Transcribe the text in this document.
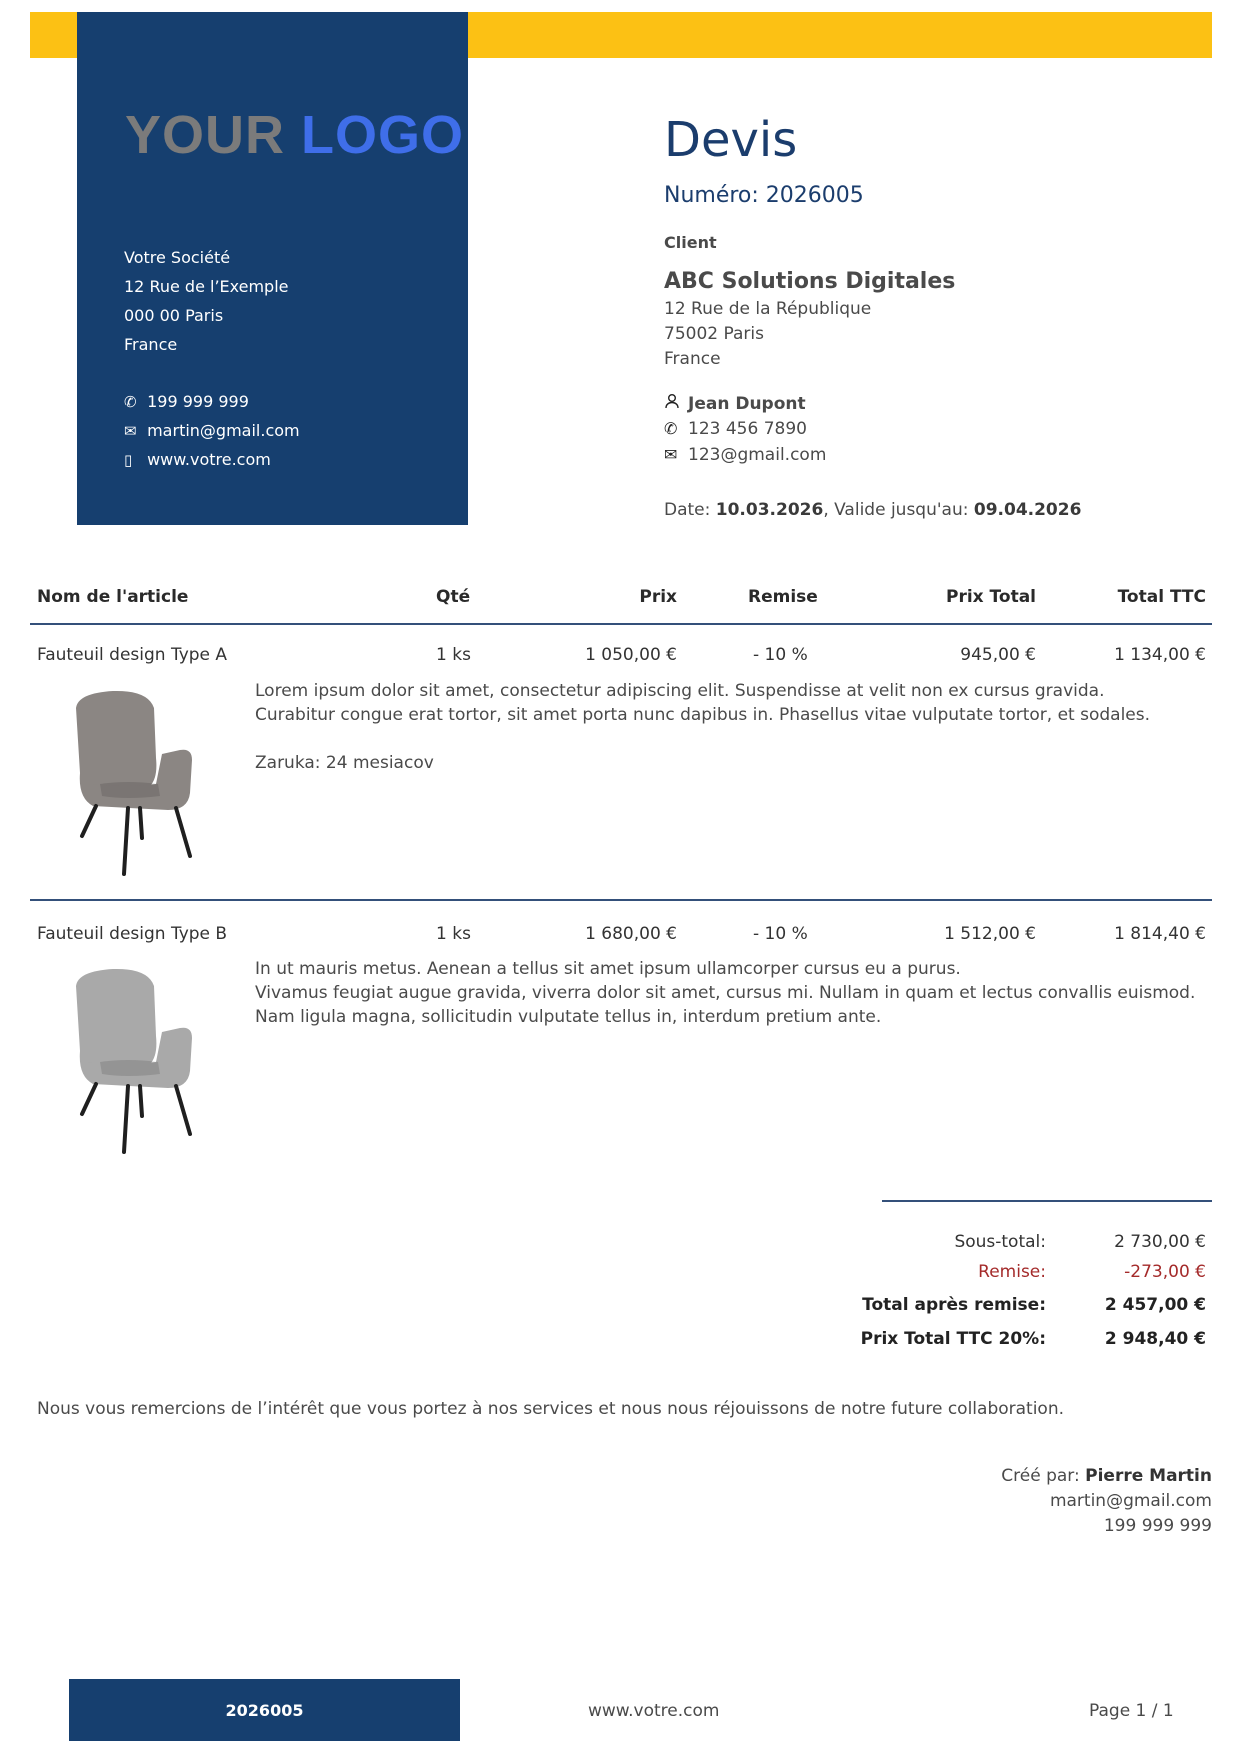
YOUR LOGO
Votre Société
12 Rue de l’Exemple
000 00 Paris
France
✆ 199 999 999
✉ martin@gmail.com
▯ www.votre.com
Devis
Numéro: 2026005
Client
ABC Solutions Digitales
12 Rue de la République
75002 Paris
France
Jean Dupont
✆ 123 456 7890
✉ 123@gmail.com
Date: 10.03.2026, Valide jusqu'au: 09.04.2026
Nom de l'article	Qté	Prix	Remise	Prix Total	Total TTC
Fauteuil design Type A	1 ks	1 050,00 €	- 10 %	945,00 €	1 134,00 €
Lorem ipsum dolor sit amet, consectetur adipiscing elit. Suspendisse at velit non ex cursus gravida.
Curabitur congue erat tortor, sit amet porta nunc dapibus in. Phasellus vitae vulputate tortor, et sodales.

Zaruka: 24 mesiacov
Fauteuil design Type B	1 ks	1 680,00 €	- 10 %	1 512,00 €	1 814,40 €
In ut mauris metus. Aenean a tellus sit amet ipsum ullamcorper cursus eu a purus.
Vivamus feugiat augue gravida, viverra dolor sit amet, cursus mi. Nullam in quam et lectus convallis euismod.
Nam ligula magna, sollicitudin vulputate tellus in, interdum pretium ante.
Sous-total:	2 730,00 €
Remise:	-273,00 €
Total après remise:	2 457,00 €
Prix Total TTC 20%:	2 948,40 €
Nous vous remercions de l’intérêt que vous portez à nos services et nous nous réjouissons de notre future collaboration.
Créé par: Pierre Martin
martin@gmail.com
199 999 999
2026005	www.votre.com	Page 1 / 1
